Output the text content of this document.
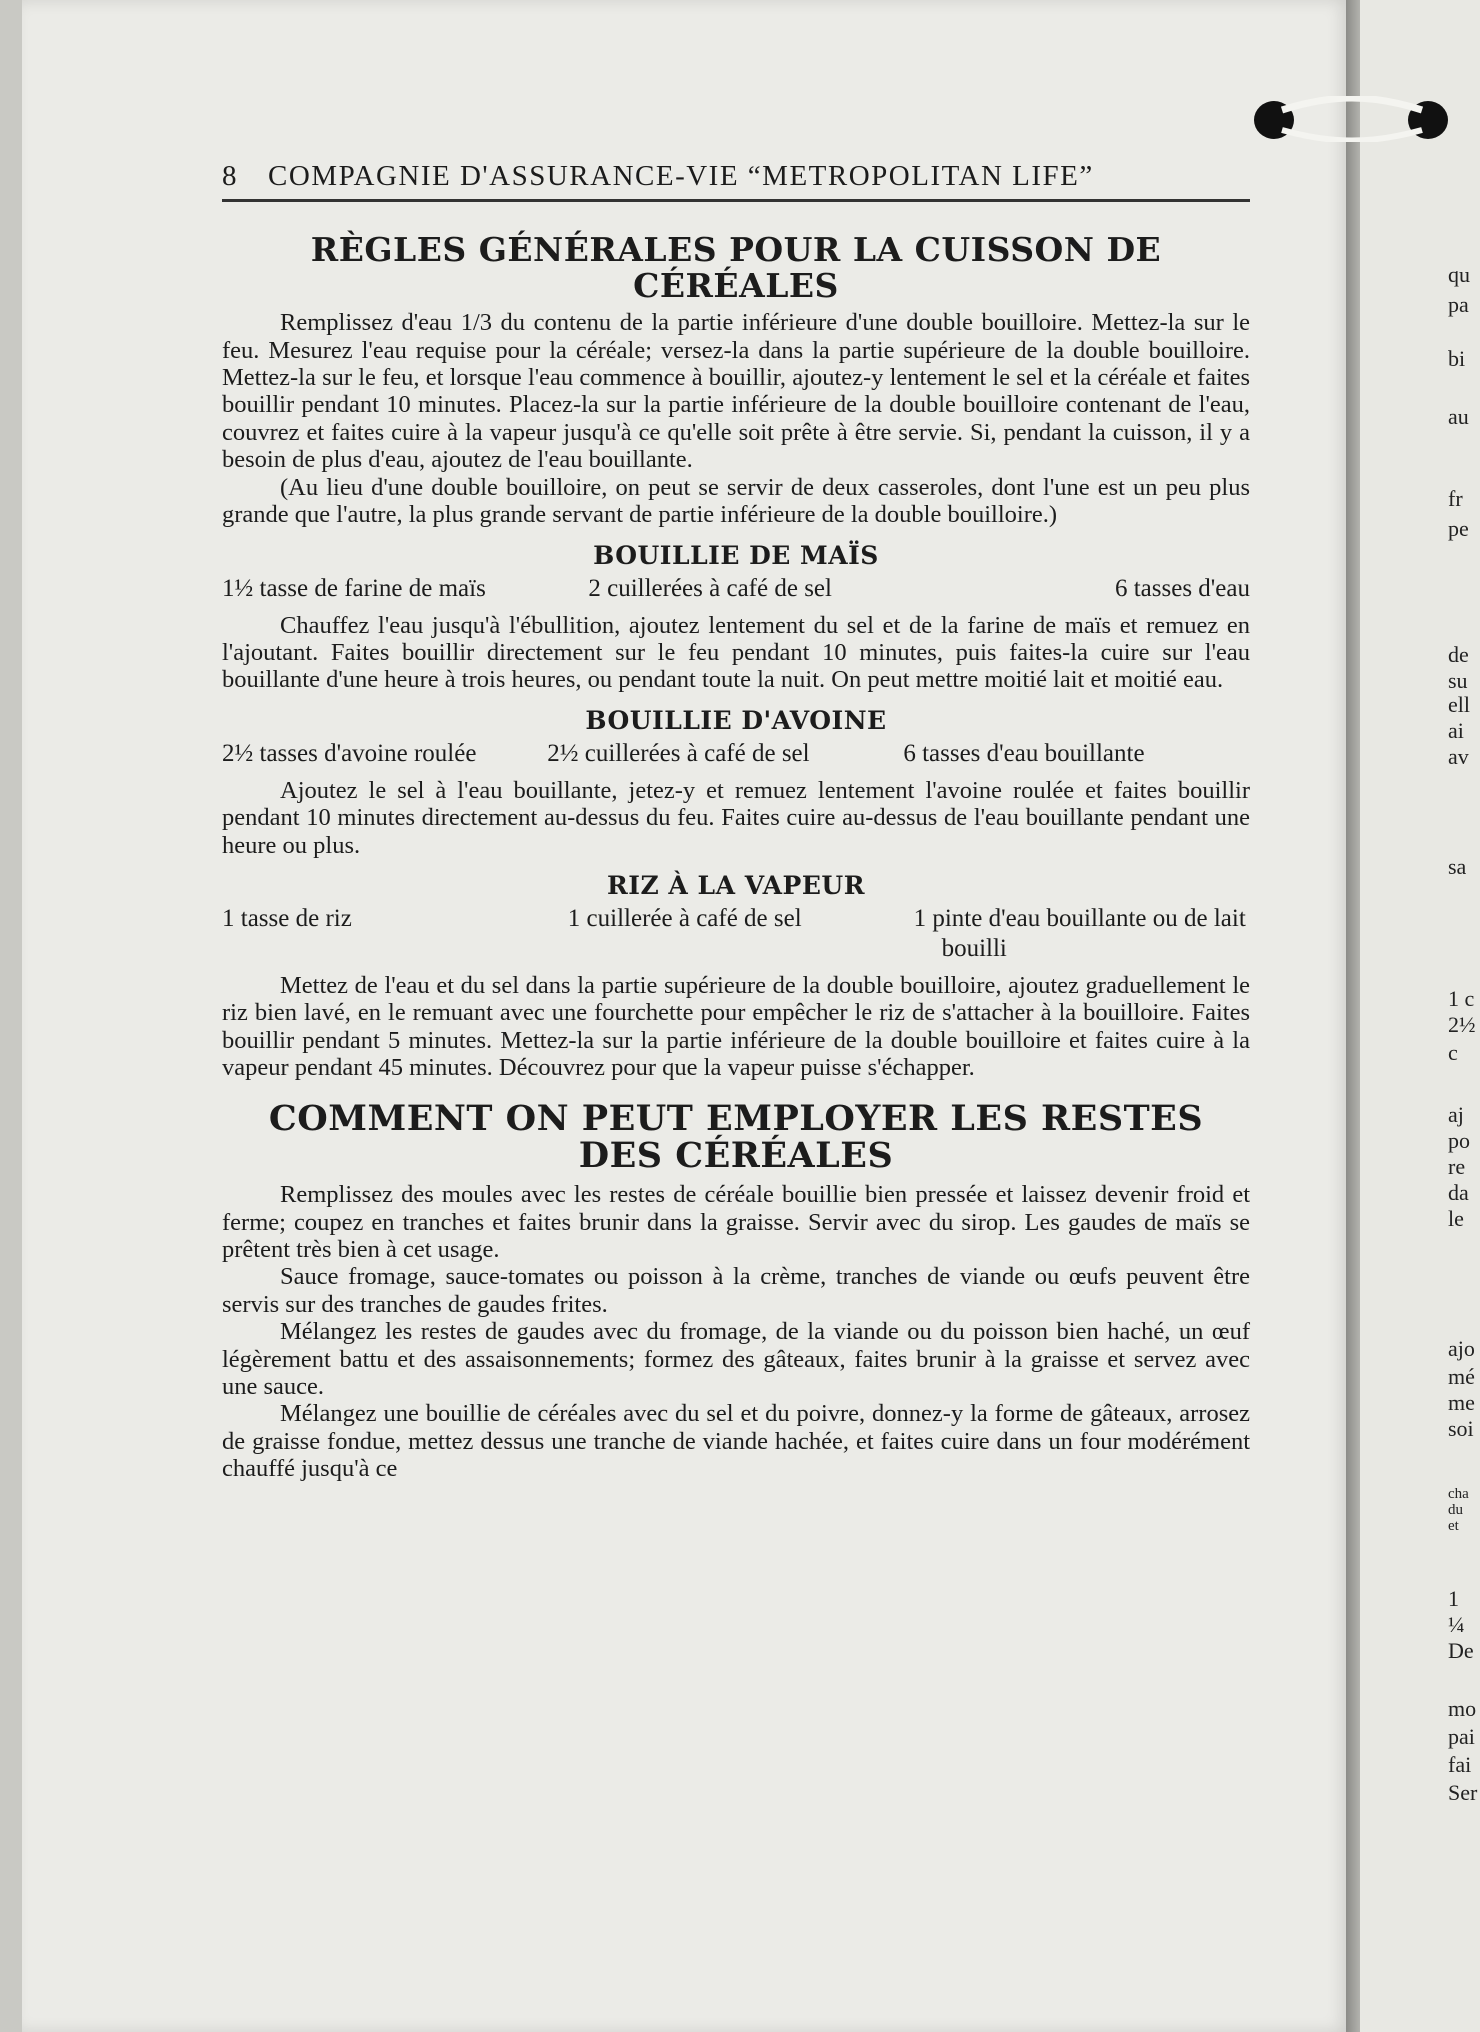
qu
pa
bi
au
fr
pe
de
su
ell
ai
av
sa
1 c
2½
c
aj
po
re
da
le
ajo
mé
me
soi
cha
du
et
1
¼
De
mo
pai
fai
Ser
8 COMPAGNIE D'ASSURANCE-VIE “METROPOLITAN LIFE”
RÈGLES GÉNÉRALES POUR LA CUISSON DE CÉRÉALES

Remplissez d'eau 1/3 du contenu de la partie inférieure d'une double bouilloire. Mettez-la sur le feu. Mesurez l'eau requise pour la céréale; versez-la dans la partie supérieure de la double bouilloire. Mettez-la sur le feu, et lorsque l'eau commence à bouillir, ajoutez-y lentement le sel et la céréale et faites bouillir pendant 10 minutes. Placez-la sur la partie inférieure de la double bouilloire contenant de l'eau, couvrez et faites cuire à la vapeur jusqu'à ce qu'elle soit prête à être servie. Si, pendant la cuisson, il y a besoin de plus d'eau, ajoutez de l'eau bouillante.

(Au lieu d'une double bouilloire, on peut se servir de deux casseroles, dont l'une est un peu plus grande que l'autre, la plus grande servant de partie inférieure de la double bouilloire.)

BOUILLIE DE MAÏS
1½ tasse de farine de maïs	2 cuillerées à café de sel	6 tasses d'eau

Chauffez l'eau jusqu'à l'ébullition, ajoutez lentement du sel et de la farine de maïs et remuez en l'ajoutant. Faites bouillir directement sur le feu pendant 10 minutes, puis faites-la cuire sur l'eau bouillante d'une heure à trois heures, ou pendant toute la nuit. On peut mettre moitié lait et moitié eau.

BOUILLIE D'AVOINE
2½ tasses d'avoine roulée	2½ cuillerées à café de sel	6 tasses d'eau bouillante

Ajoutez le sel à l'eau bouillante, jetez-y et remuez lentement l'avoine roulée et faites bouillir pendant 10 minutes directement au-dessus du feu. Faites cuire au-dessus de l'eau bouillante pendant une heure ou plus.

RIZ À LA VAPEUR
1 tasse de riz	1 cuillerée à café de sel	1 pinte d'eau bouillante ou de lait bouilli

Mettez de l'eau et du sel dans la partie supérieure de la double bouilloire, ajoutez graduellement le riz bien lavé, en le remuant avec une fourchette pour empêcher le riz de s'attacher à la bouilloire. Faites bouillir pendant 5 minutes. Mettez-la sur la partie inférieure de la double bouilloire et faites cuire à la vapeur pendant 45 minutes. Découvrez pour que la vapeur puisse s'échapper.

COMMENT ON PEUT EMPLOYER LES RESTES DES CÉRÉALES

Remplissez des moules avec les restes de céréale bouillie bien pressée et laissez devenir froid et ferme; coupez en tranches et faites brunir dans la graisse. Servir avec du sirop. Les gaudes de maïs se prêtent très bien à cet usage.

Sauce fromage, sauce-tomates ou poisson à la crème, tranches de viande ou œufs peuvent être servis sur des tranches de gaudes frites.

Mélangez les restes de gaudes avec du fromage, de la viande ou du poisson bien haché, un œuf légèrement battu et des assaisonnements; formez des gâteaux, faites brunir à la graisse et servez avec une sauce.

Mélangez une bouillie de céréales avec du sel et du poivre, donnez-y la forme de gâteaux, arrosez de graisse fondue, mettez dessus une tranche de viande hachée, et faites cuire dans un four modérément chauffé jusqu'à ce
